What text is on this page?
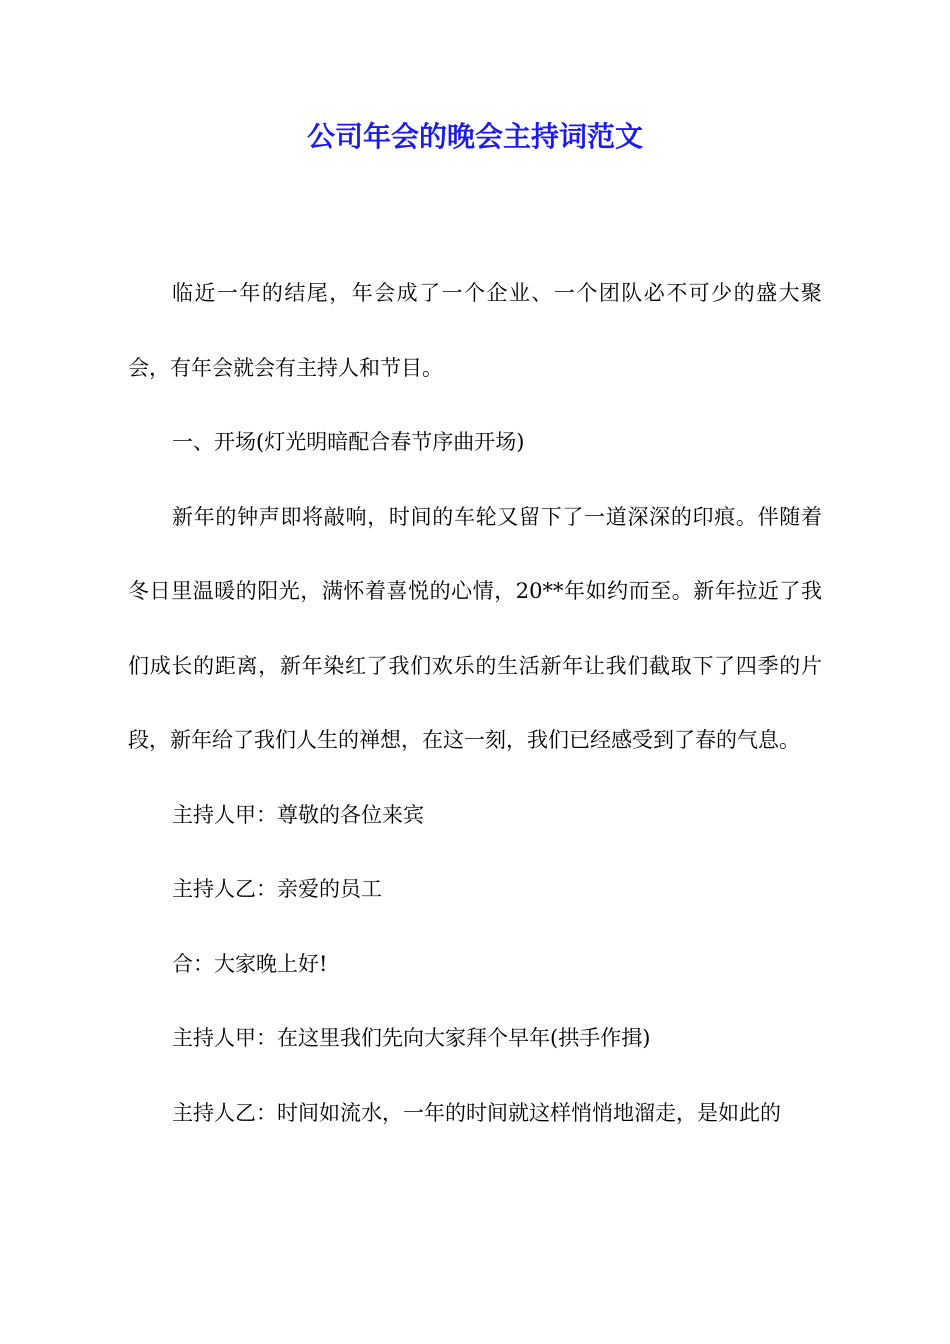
公司年会的晚会主持词范文

临近一年的结尾，年会成了一个企业、一个团队必不可少的盛大聚会，有年会就会有主持人和节目。

一、开场(灯光明暗配合春节序曲开场)

新年的钟声即将敲响，时间的车轮又留下了一道深深的印痕。伴随着冬日里温暖的阳光，满怀着喜悦的心情，20**年如约而至。新年拉近了我们成长的距离，新年染红了我们欢乐的生活新年让我们截取下了四季的片段，新年给了我们人生的禅想，在这一刻，我们已经感受到了春的气息。

主持人甲：尊敬的各位来宾

主持人乙：亲爱的员工

合：大家晚上好!

主持人甲：在这里我们先向大家拜个早年(拱手作揖)

主持人乙：时间如流水，一年的时间就这样悄悄地溜走，是如此的
